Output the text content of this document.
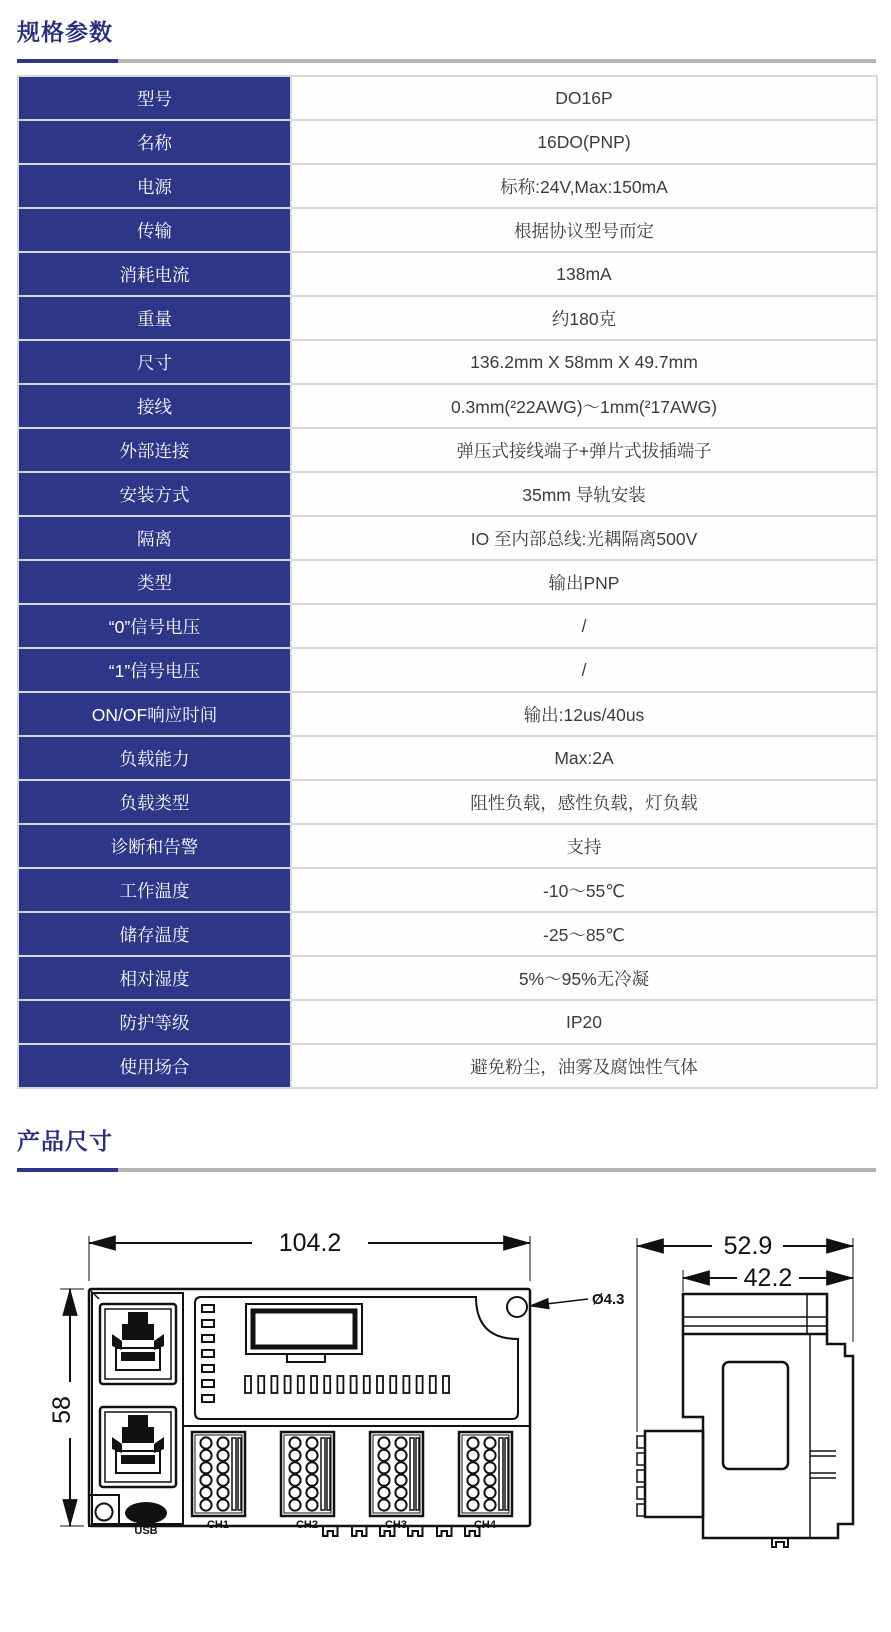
规格参数
型号	DO16P
名称	16DO(PNP)
电源	标称:24V,Max:150mA
传输	根据协议型号而定
消耗电流	138mA
重量	约180克
尺寸	136.2mm X 58mm X 49.7mm
接线	0.3mm(²22AWG)～1mm(²17AWG)
外部连接	弹压式接线端子+弹片式拔插端子
安装方式	35mm 导轨安装
隔离	IO 至内部总线:光耦隔离500V
类型	输出PNP
“0”信号电压	/
“1”信号电压	/
ON/OF响应时间	输出:12us/40us
负载能力	Max:2A
负载类型	阻性负载，感性负载，灯负载
诊断和告警	支持
工作温度	-10～55℃
储存温度	-25～85℃
相对湿度	5%～95%无冷凝
防护等级	IP20
使用场合	避免粉尘，油雾及腐蚀性气体
产品尺寸
104.2
58
Ø4.3
CH1	CH2	CH3	CH4
USB
52.9
42.2
